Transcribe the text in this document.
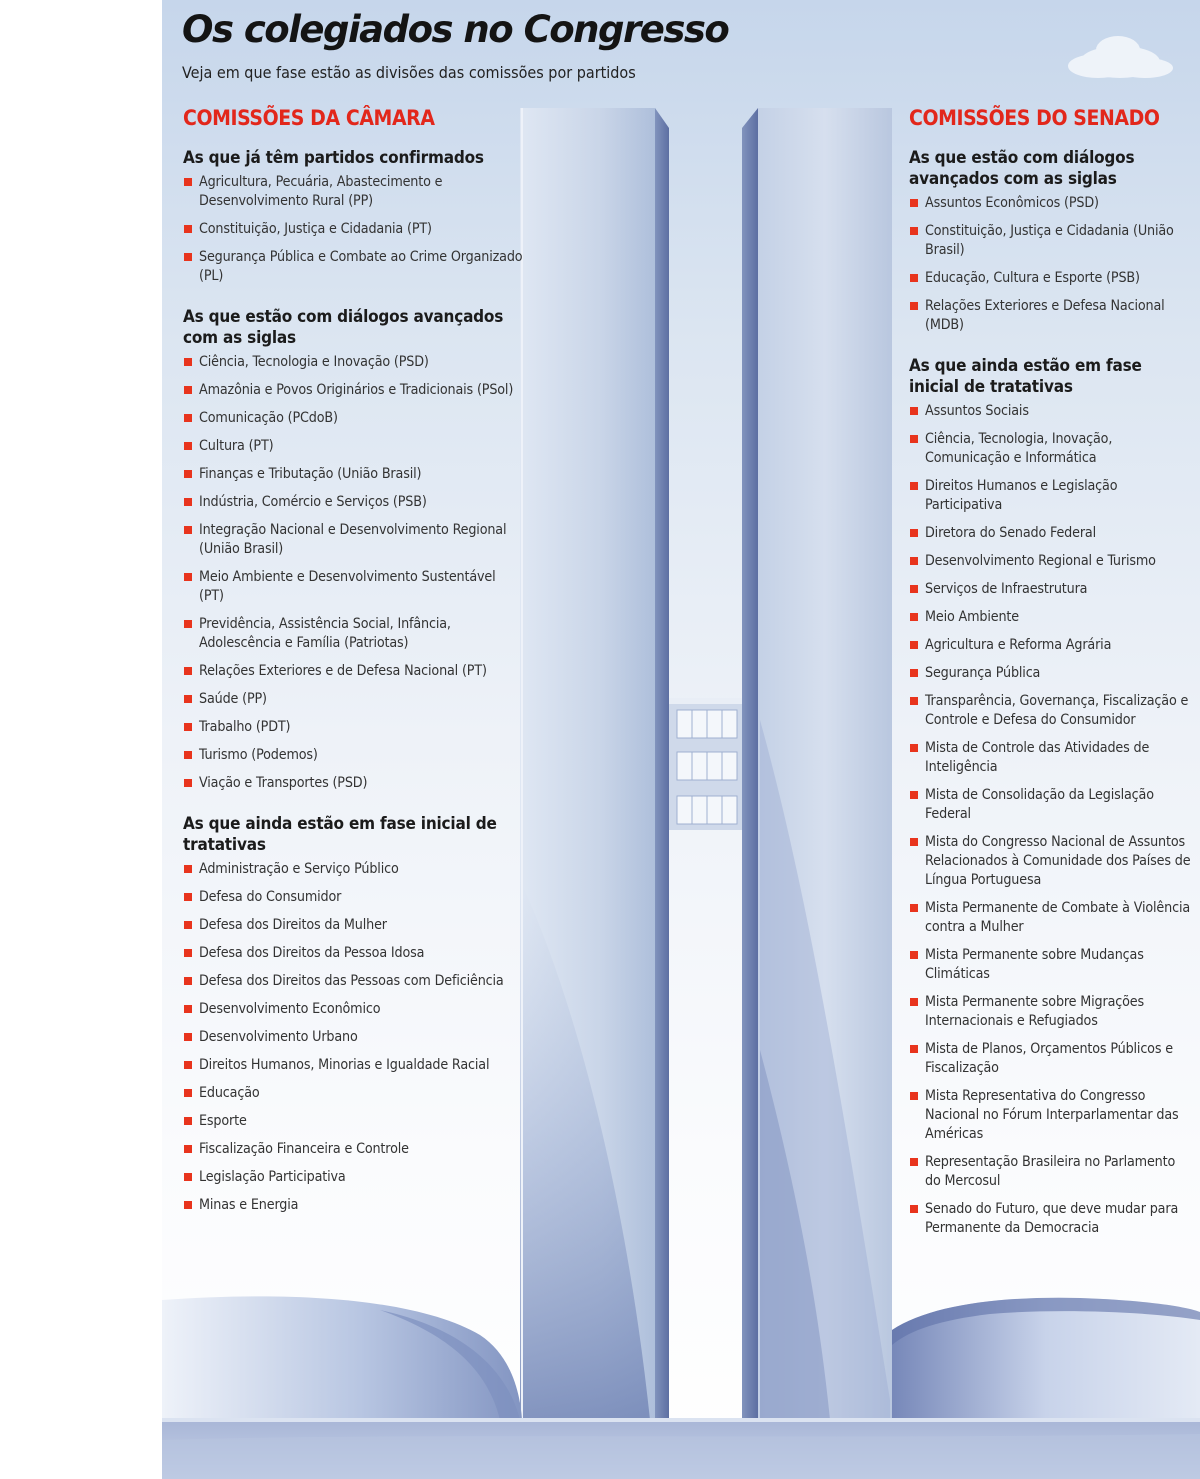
Os colegiados no Congresso

Veja em que fase estão as divisões das comissões por partidos

COMISSÕES DA CÂMARA
As que já têm partidos confirmados
Agricultura, Pecuária, Abastecimento e Desenvolvimento Rural (PP)
Constituição, Justiça e Cidadania (PT)
Segurança Pública e Combate ao Crime Organizado (PL)
As que estão com diálogos avançados com as siglas
Ciência, Tecnologia e Inovação (PSD)
Amazônia e Povos Originários e Tradicionais (PSol)
Comunicação (PCdoB)
Cultura (PT)
Finanças e Tributação (União Brasil)
Indústria, Comércio e Serviços (PSB)
Integração Nacional e Desenvolvimento Regional (União Brasil)
Meio Ambiente e Desenvolvimento Sustentável (PT)
Previdência, Assistência Social, Infância, Adolescência e Família (Patriotas)
Relações Exteriores e de Defesa Nacional (PT)
Saúde (PP)
Trabalho (PDT)
Turismo (Podemos)
Viação e Transportes (PSD)
As que ainda estão em fase inicial de tratativas
Administração e Serviço Público
Defesa do Consumidor
Defesa dos Direitos da Mulher
Defesa dos Direitos da Pessoa Idosa
Defesa dos Direitos das Pessoas com Deficiência
Desenvolvimento Econômico
Desenvolvimento Urbano
Direitos Humanos, Minorias e Igualdade Racial
Educação
Esporte
Fiscalização Financeira e Controle
Legislação Participativa
Minas e Energia
COMISSÕES DO SENADO
As que estão com diálogos avançados com as siglas
Assuntos Econômicos (PSD)
Constituição, Justiça e Cidadania (União Brasil)
Educação, Cultura e Esporte (PSB)
Relações Exteriores e Defesa Nacional (MDB)
As que ainda estão em fase inicial de tratativas
Assuntos Sociais
Ciência, Tecnologia, Inovação, Comunicação e Informática
Direitos Humanos e Legislação Participativa
Diretora do Senado Federal
Desenvolvimento Regional e Turismo
Serviços de Infraestrutura
Meio Ambiente
Agricultura e Reforma Agrária
Segurança Pública
Transparência, Governança, Fiscalização e Controle e Defesa do Consumidor
Mista de Controle das Atividades de Inteligência
Mista de Consolidação da Legislação Federal
Mista do Congresso Nacional de Assuntos Relacionados à Comunidade dos Países de Língua Portuguesa
Mista Permanente de Combate à Violência contra a Mulher
Mista Permanente sobre Mudanças Climáticas
Mista Permanente sobre Migrações Internacionais e Refugiados
Mista de Planos, Orçamentos Públicos e Fiscalização
Mista Representativa do Congresso Nacional no Fórum Interparlamentar das Américas
Representação Brasileira no Parlamento do Mercosul
Senado do Futuro, que deve mudar para Permanente da Democracia
